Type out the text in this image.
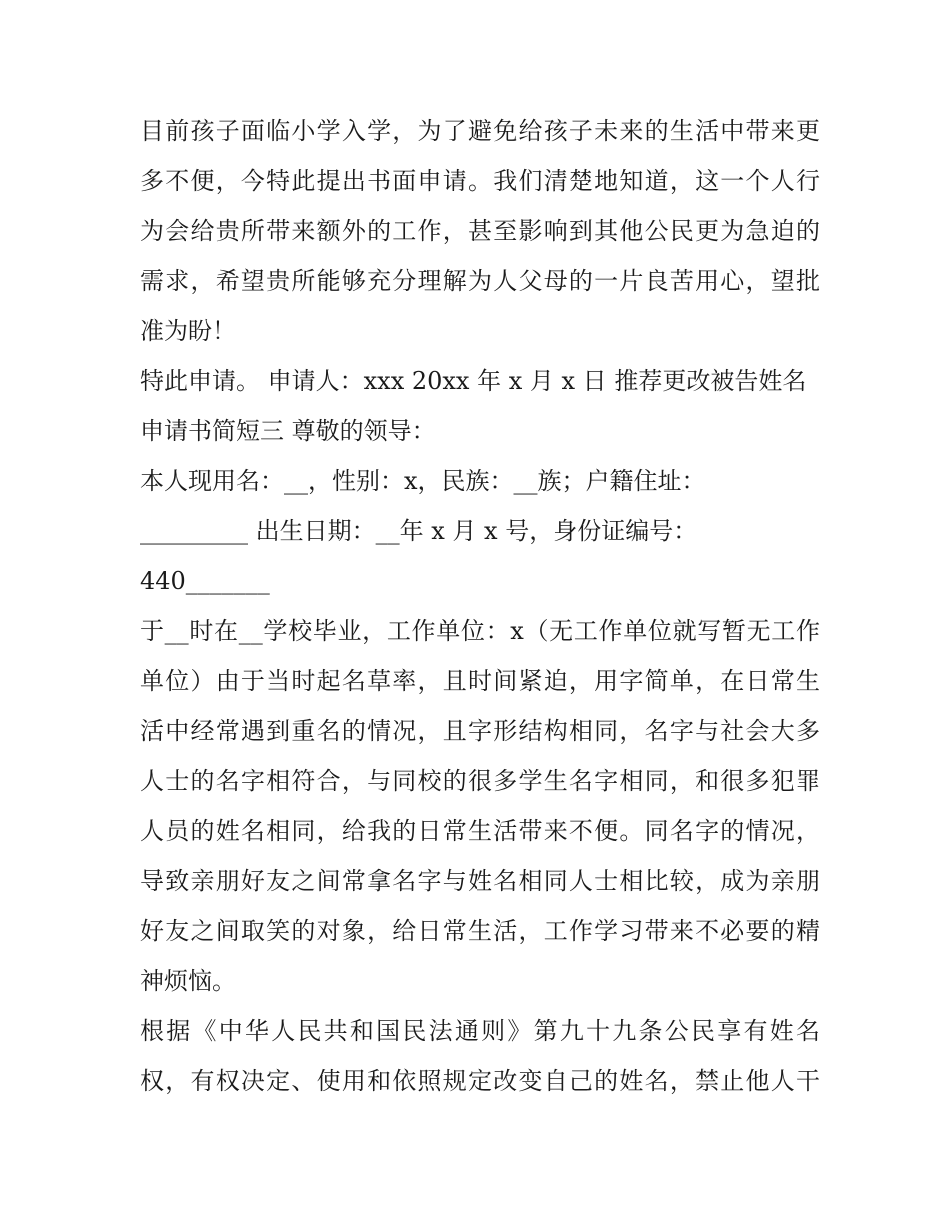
目前孩子面临小学入学，为了避免给孩子未来的生活中带来更
多不便，今特此提出书面申请。我们清楚地知道，这一个人行
为会给贵所带来额外的工作，甚至影响到其他公民更为急迫的
需求，希望贵所能够充分理解为人父母的一片良苦用心，望批
准为盼！
特此申请。 申请人：xxx 20xx 年 x 月 x 日 推荐更改被告姓名
申请书简短三 尊敬的领导：
本人现用名：__，性别：x，民族：__族；户籍住址：
_________ 出生日期：__年 x 月 x 号，身份证编号：
440_______
于__时在__学校毕业，工作单位：x（无工作单位就写暂无工作
单位）由于当时起名草率，且时间紧迫，用字简单，在日常生
活中经常遇到重名的情况，且字形结构相同，名字与社会大多
人士的名字相符合，与同校的很多学生名字相同，和很多犯罪
人员的姓名相同，给我的日常生活带来不便。同名字的情况，
导致亲朋好友之间常拿名字与姓名相同人士相比较，成为亲朋
好友之间取笑的对象，给日常生活，工作学习带来不必要的精
神烦恼。
根据《中华人民共和国民法通则》第九十九条公民享有姓名
权，有权决定、使用和依照规定改变自己的姓名，禁止他人干
